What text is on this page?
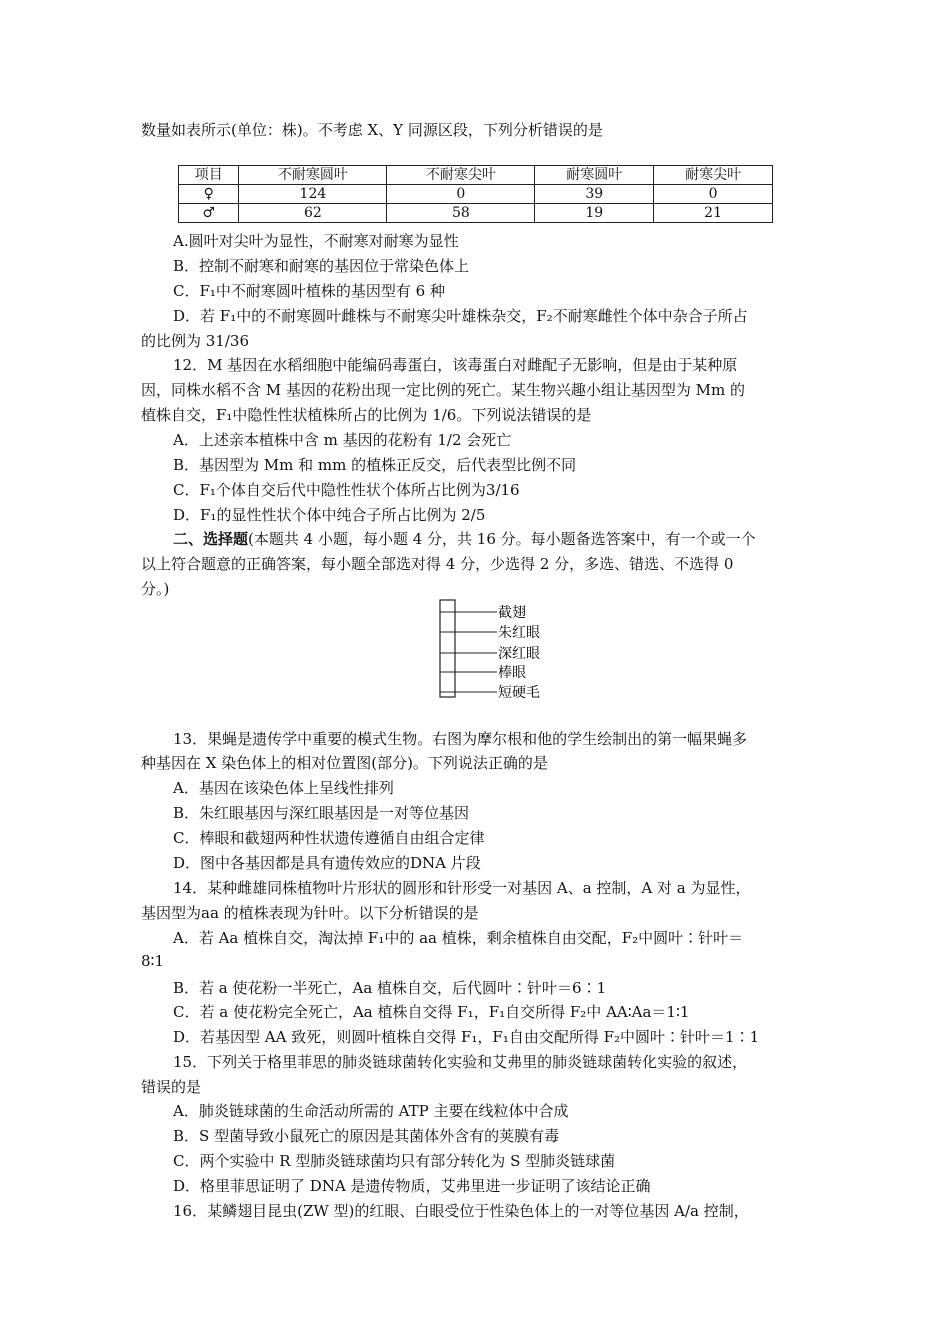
数量如表所示(单位：株)。不考虑 X、Y 同源区段，下列分析错误的是
项目	不耐寒圆叶	不耐寒尖叶	耐寒圆叶	耐寒尖叶
♀	124	0	39	0
♂	62	58	19	21
A.圆叶对尖叶为显性，不耐寒对耐寒为显性
B．控制不耐寒和耐寒的基因位于常染色体上
C．F₁中不耐寒圆叶植株的基因型有 6 种
D．若 F₁中的不耐寒圆叶雌株与不耐寒尖叶雄株杂交，F₂不耐寒雌性个体中杂合子所占
的比例为 31/36
12．M 基因在水稻细胞中能编码毒蛋白，该毒蛋白对雌配子无影响，但是由于某种原
因，同株水稻不含 M 基因的花粉出现一定比例的死亡。某生物兴趣小组让基因型为 Mm 的
植株自交，F₁中隐性性状植株所占的比例为 1/6。下列说法错误的是
A．上述亲本植株中含 m 基因的花粉有 1/2 会死亡
B．基因型为 Mm 和 mm 的植株正反交，后代表型比例不同
C．F₁个体自交后代中隐性性状个体所占比例为3/16
D．F₁的显性性状个体中纯合子所占比例为 2/5
二、选择题(本题共 4 小题，每小题 4 分，共 16 分。每小题备选答案中，有一个或一个
以上符合题意的正确答案，每小题全部选对得 4 分，少选得 2 分，多选、错选、不选得 0
分。)
截翅
朱红眼
深红眼
棒眼
短硬毛
13．果蝇是遗传学中重要的模式生物。右图为摩尔根和他的学生绘制出的第一幅果蝇多
种基因在 X 染色体上的相对位置图(部分)。下列说法正确的是
A．基因在该染色体上呈线性排列
B．朱红眼基因与深红眼基因是一对等位基因
C．棒眼和截翅两种性状遗传遵循自由组合定律
D．图中各基因都是具有遗传效应的DNA 片段
14．某种雌雄同株植物叶片形状的圆形和针形受一对基因 A、a 控制，A 对 a 为显性，
基因型为aa 的植株表现为针叶。以下分析错误的是
A．若 Aa 植株自交，淘汰掉 F₁中的 aa 植株，剩余植株自由交配，F₂中圆叶∶针叶＝
8∶1
B．若 a 使花粉一半死亡，Aa 植株自交，后代圆叶∶针叶＝6∶1
C．若 a 使花粉完全死亡，Aa 植株自交得 F₁，F₁自交所得 F₂中 AA∶Aa＝1∶1
D．若基因型 AA 致死，则圆叶植株自交得 F₁，F₁自由交配所得 F₂中圆叶∶针叶＝1∶1
15．下列关于格里菲思的肺炎链球菌转化实验和艾弗里的肺炎链球菌转化实验的叙述，
错误的是
A．肺炎链球菌的生命活动所需的 ATP 主要在线粒体中合成
B．S 型菌导致小鼠死亡的原因是其菌体外含有的荚膜有毒
C．两个实验中 R 型肺炎链球菌均只有部分转化为 S 型肺炎链球菌
D．格里菲思证明了 DNA 是遗传物质，艾弗里进一步证明了该结论正确
16．某鳞翅目昆虫(ZW 型)的红眼、白眼受位于性染色体上的一对等位基因 A/a 控制，
